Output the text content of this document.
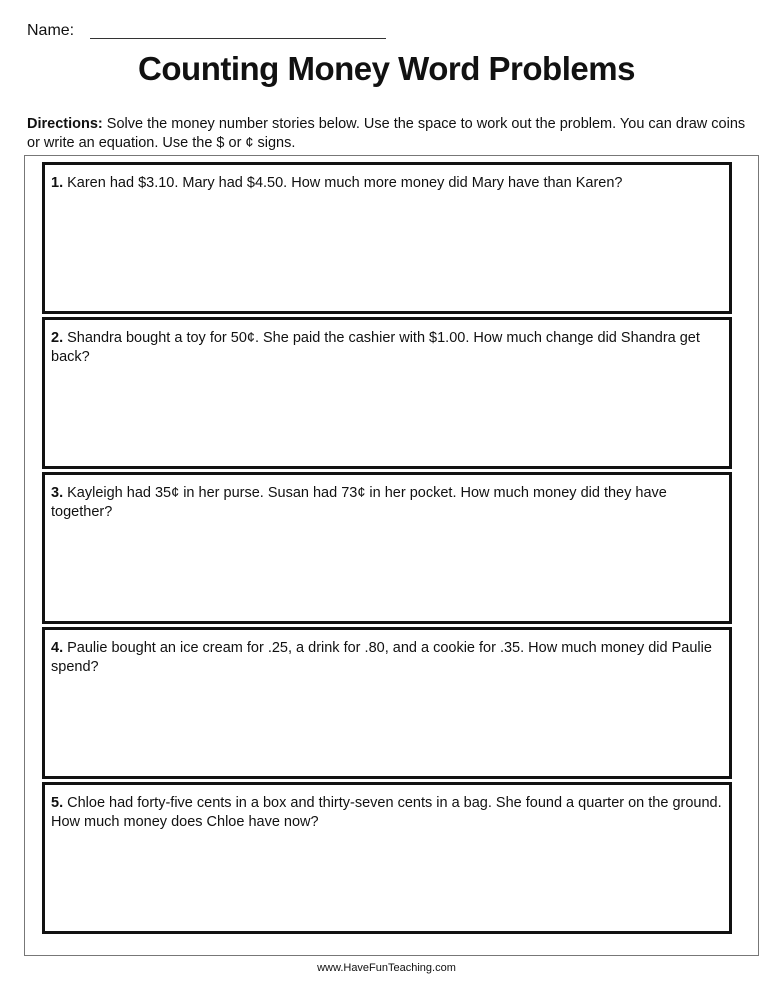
Name:
Counting Money Word Problems
Directions: Solve the money number stories below. Use the space to work out the problem. You can draw coins or write an equation. Use the $ or ¢ signs.
1. Karen had $3.10. Mary had $4.50. How much more money did Mary have than Karen?
2. Shandra bought a toy for 50¢. She paid the cashier with $1.00. How much change did Shandra get back?
3. Kayleigh had 35¢ in her purse. Susan had 73¢ in her pocket. How much money did they have together?
4. Paulie bought an ice cream for .25, a drink for .80, and a cookie for .35. How much money did Paulie spend?
5. Chloe had forty-five cents in a box and thirty-seven cents in a bag. She found a quarter on the ground. How much money does Chloe have now?
www.HaveFunTeaching.com
